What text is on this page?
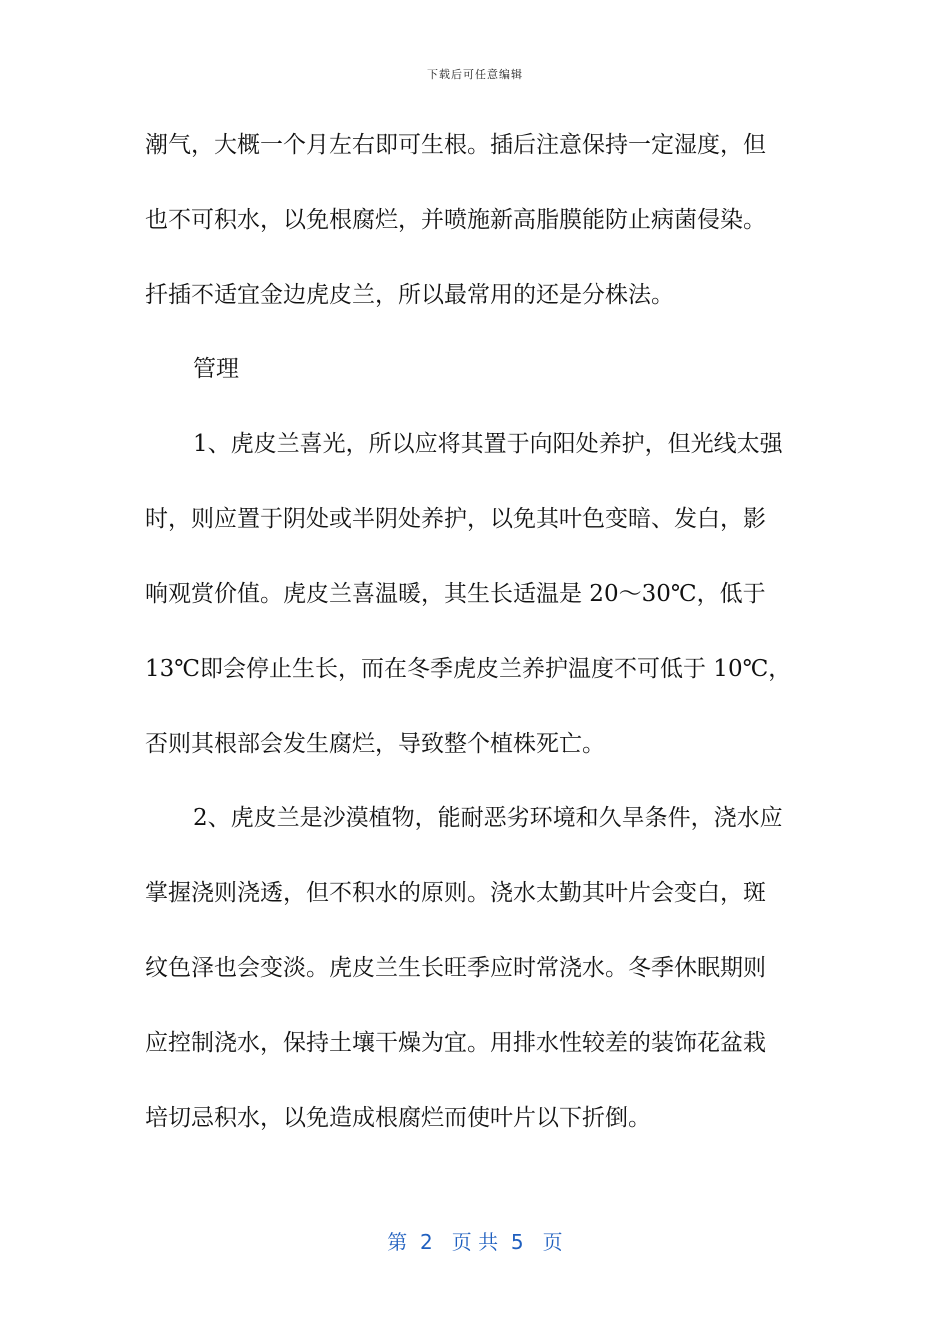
下载后可任意编辑
潮气，大概一个月左右即可生根。插后注意保持一定湿度，但
也不可积水，以免根腐烂，并喷施新高脂膜能防止病菌侵染。
扦插不适宜金边虎皮兰，所以最常用的还是分株法。
管理
1、虎皮兰喜光，所以应将其置于向阳处养护，但光线太强
时，则应置于阴处或半阴处养护，以免其叶色变暗、发白，影
响观赏价值。虎皮兰喜温暖，其生长适温是 20～30℃，低于
13℃即会停止生长，而在冬季虎皮兰养护温度不可低于 10℃，
否则其根部会发生腐烂，导致整个植株死亡。
2、虎皮兰是沙漠植物，能耐恶劣环境和久旱条件，浇水应
掌握浇则浇透，但不积水的原则。浇水太勤其叶片会变白，斑
纹色泽也会变淡。虎皮兰生长旺季应时常浇水。冬季休眠期则
应控制浇水，保持土壤干燥为宜。用排水性较差的装饰花盆栽
培切忌积水，以免造成根腐烂而使叶片以下折倒。
第  2   页 共  5   页
